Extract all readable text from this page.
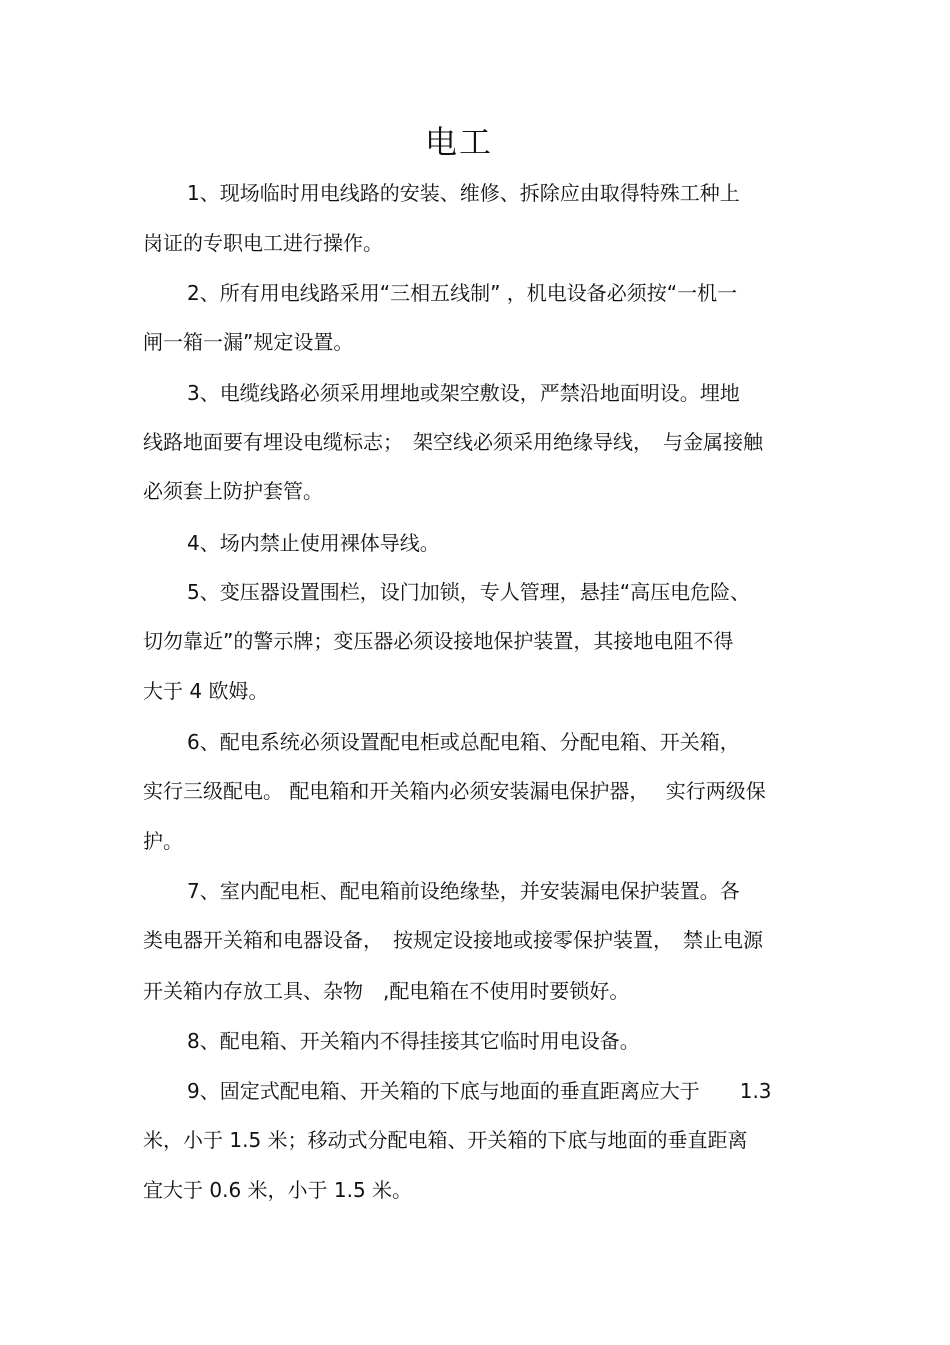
电工
1、现场临时用电线路的安装、维修、拆除应由取得特殊工种上
岗证的专职电工进行操作。
2、所有用电线路采用“三相五线制” ，机电设备必须按“一机一
闸一箱一漏”规定设置。
3、电缆线路必须采用埋地或架空敷设，严禁沿地面明设。埋地
线路地面要有埋设电缆标志；　架空线必须采用绝缘导线，　与金属接触
必须套上防护套管。
4、场内禁止使用裸体导线。
5、变压器设置围栏，设门加锁，专人管理，悬挂“高压电危险、
切勿靠近”的警示牌；变压器必须设接地保护装置，其接地电阻不得
大于 4 欧姆。
6、配电系统必须设置配电柜或总配电箱、分配电箱、开关箱，
实行三级配电。 配电箱和开关箱内必须安装漏电保护器，　 实行两级保
护。
7、室内配电柜、配电箱前设绝缘垫，并安装漏电保护装置。各
类电器开关箱和电器设备，　按规定设接地或接零保护装置，　禁止电源
开关箱内存放工具、杂物　,配电箱在不使用时要锁好。
8、配电箱、开关箱内不得挂接其它临时用电设备。
9、固定式配电箱、开关箱的下底与地面的垂直距离应大于　　1.3
米，小于 1.5 米；移动式分配电箱、开关箱的下底与地面的垂直距离
宜大于 0.6 米，小于 1.5 米。
